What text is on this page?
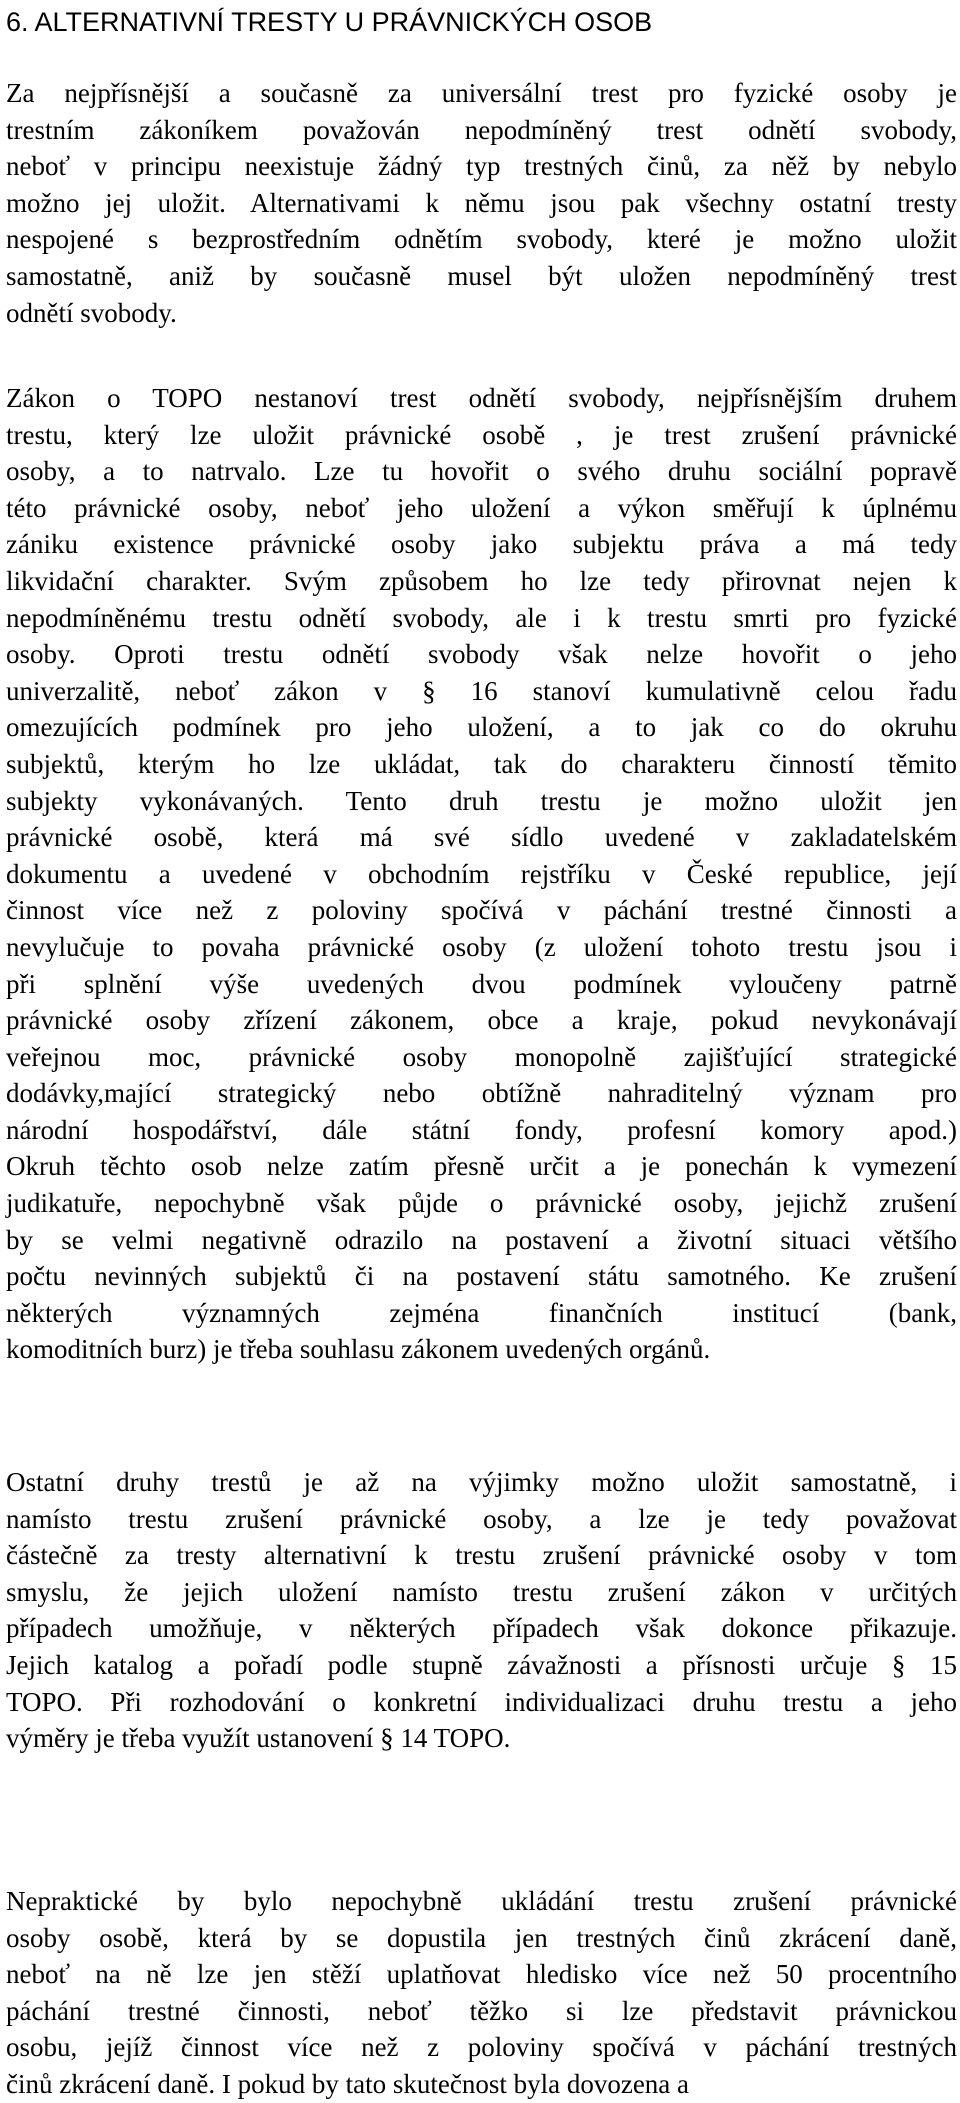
6. ALTERNATIVNÍ TRESTY U PRÁVNICKÝCH OSOB
Za nejpřísnější a současně za universální trest pro fyzické osoby je
trestním zákoníkem považován nepodmíněný trest odnětí svobody,
neboť v principu neexistuje žádný typ trestných činů, za něž by nebylo
možno jej uložit. Alternativami k němu jsou pak všechny ostatní tresty
nespojené s bezprostředním odnětím svobody, které je možno uložit
samostatně, aniž by současně musel být uložen nepodmíněný trest
odnětí svobody.
Zákon o TOPO nestanoví trest odnětí svobody, nejpřísnějším druhem
trestu, který lze uložit právnické osobě , je trest zrušení právnické
osoby, a to natrvalo. Lze tu hovořit o svého druhu sociální popravě
této právnické osoby, neboť jeho uložení a výkon směřují k úplnému
zániku existence právnické osoby jako subjektu práva a má tedy
likvidační charakter. Svým způsobem ho lze tedy přirovnat nejen k
nepodmíněnému trestu odnětí svobody, ale i k trestu smrti pro fyzické
osoby. Oproti trestu odnětí svobody však nelze hovořit o jeho
univerzalitě, neboť zákon v § 16 stanoví kumulativně celou řadu
omezujících podmínek pro jeho uložení, a to jak co do okruhu
subjektů, kterým ho lze ukládat, tak do charakteru činností těmito
subjekty vykonávaných. Tento druh trestu je možno uložit jen
právnické osobě, která má své sídlo uvedené v zakladatelském
dokumentu a uvedené v obchodním rejstříku v České republice, její
činnost více než z poloviny spočívá v páchání trestné činnosti a
nevylučuje to povaha právnické osoby (z uložení tohoto trestu jsou i
při splnění výše uvedených dvou podmínek vyloučeny patrně
právnické osoby zřízení zákonem, obce a kraje, pokud nevykonávají
veřejnou moc, právnické osoby monopolně zajišťující strategické
dodávky,mající strategický nebo obtížně nahraditelný význam pro
národní hospodářství, dále státní fondy, profesní komory apod.)
Okruh těchto osob nelze zatím přesně určit a je ponechán k vymezení
judikatuře, nepochybně však půjde o právnické osoby, jejichž zrušení
by se velmi negativně odrazilo na postavení a životní situaci většího
počtu nevinných subjektů či na postavení státu samotného. Ke zrušení
některých významných zejména finančních institucí (bank,
komoditních burz) je třeba souhlasu zákonem uvedených orgánů.
Ostatní druhy trestů je až na výjimky možno uložit samostatně, i
namísto trestu zrušení právnické osoby, a lze je tedy považovat
částečně za tresty alternativní k trestu zrušení právnické osoby v tom
smyslu, že jejich uložení namísto trestu zrušení zákon v určitých
případech umožňuje, v některých případech však dokonce přikazuje.
Jejich katalog a pořadí podle stupně závažnosti a přísnosti určuje § 15
TOPO. Při rozhodování o konkretní individualizaci druhu trestu a jeho
výměry je třeba využít ustanovení § 14 TOPO.
Nepraktické by bylo nepochybně ukládání trestu zrušení právnické
osoby osobě, která by se dopustila jen trestných činů zkrácení daně,
neboť na ně lze jen stěží uplatňovat hledisko více než 50 procentního
páchání trestné činnosti, neboť těžko si lze představit právnickou
osobu, jejíž činnost více než z poloviny spočívá v páchání trestných
činů zkrácení daně. I pokud by tato skutečnost byla dovozena a
